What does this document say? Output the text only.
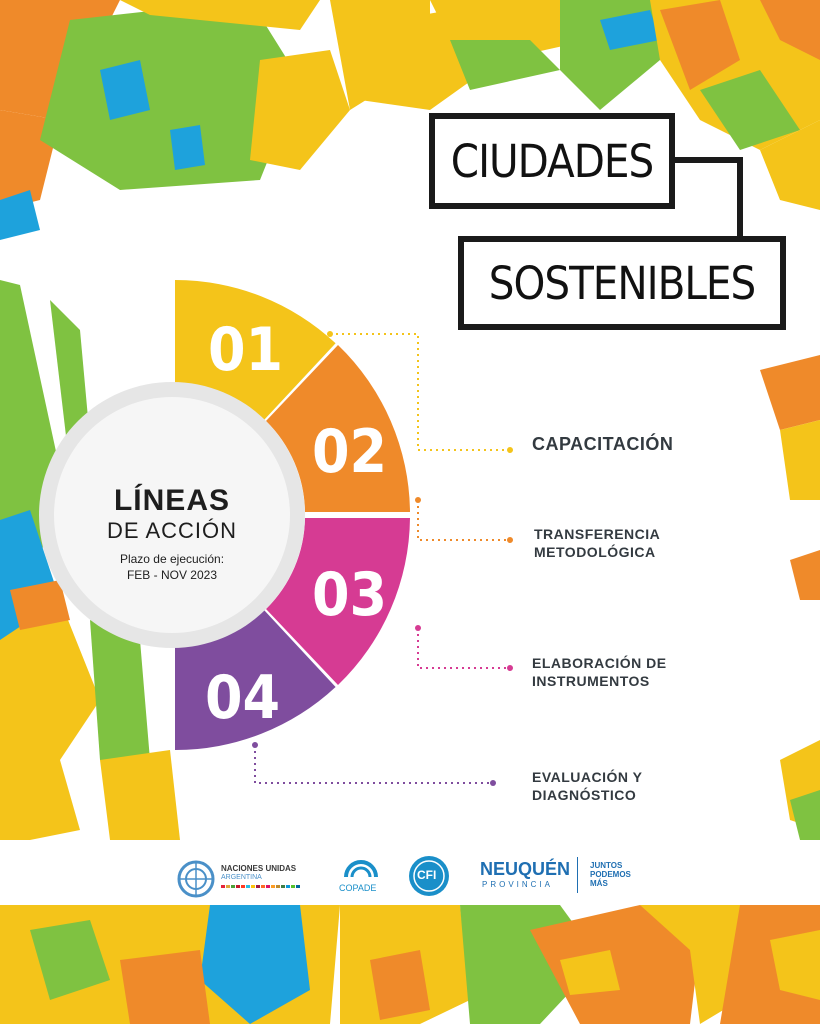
CIUDADES
SOSTENIBLES
01
02
03
04
LÍNEAS
DE ACCIÓN
Plazo de ejecución:
FEB - NOV 2023
CAPACITACIÓN
TRANSFERENCIA
METODOLÓGICA
ELABORACIÓN DE
INSTRUMENTOS
EVALUACIÓN Y
DIAGNÓSTICO
NACIONES UNIDAS
ARGENTINA
COPADE
CFI NEUQUÉN
PROVINCIA
JUNTOS
PODEMOS
MÁS
